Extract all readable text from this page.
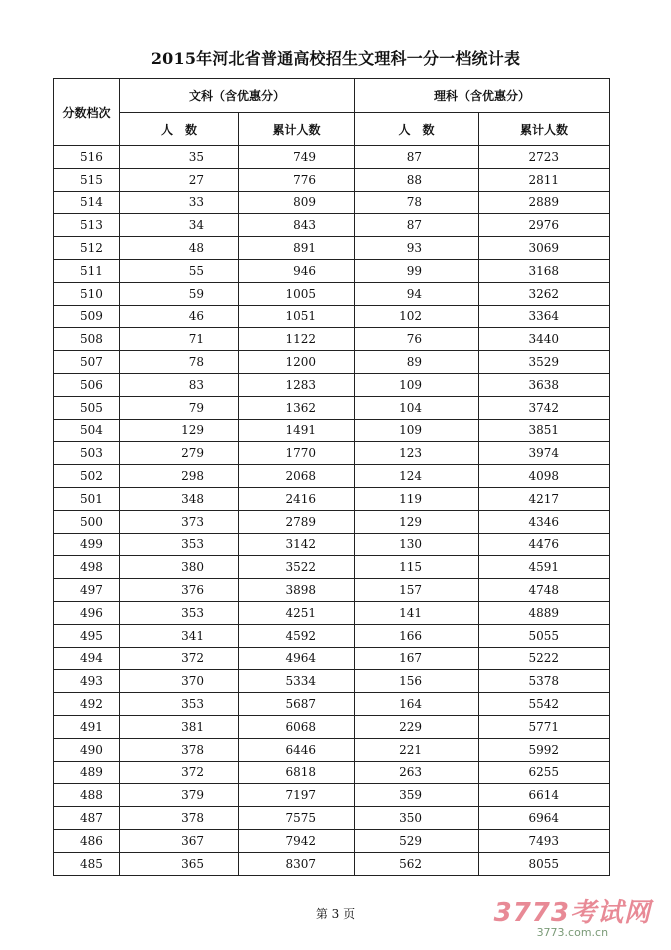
2015年河北省普通高校招生文理科一分一档统计表
分数档次	文科（含优惠分）		理科（含优惠分）	
	人　数	累计人数	人　数	累计人数
516	35	749	87	2723
515	27	776	88	2811
514	33	809	78	2889
513	34	843	87	2976
512	48	891	93	3069
511	55	946	99	3168
510	59	1005	94	3262
509	46	1051	102	3364
508	71	1122	76	3440
507	78	1200	89	3529
506	83	1283	109	3638
505	79	1362	104	3742
504	129	1491	109	3851
503	279	1770	123	3974
502	298	2068	124	4098
501	348	2416	119	4217
500	373	2789	129	4346
499	353	3142	130	4476
498	380	3522	115	4591
497	376	3898	157	4748
496	353	4251	141	4889
495	341	4592	166	5055
494	372	4964	167	5222
493	370	5334	156	5378
492	353	5687	164	5542
491	381	6068	229	5771
490	378	6446	221	5992
489	372	6818	263	6255
488	379	7197	359	6614
487	378	7575	350	6964
486	367	7942	529	7493
485	365	8307	562	8055
第 3 页	3773考试网
3773.com.cn
